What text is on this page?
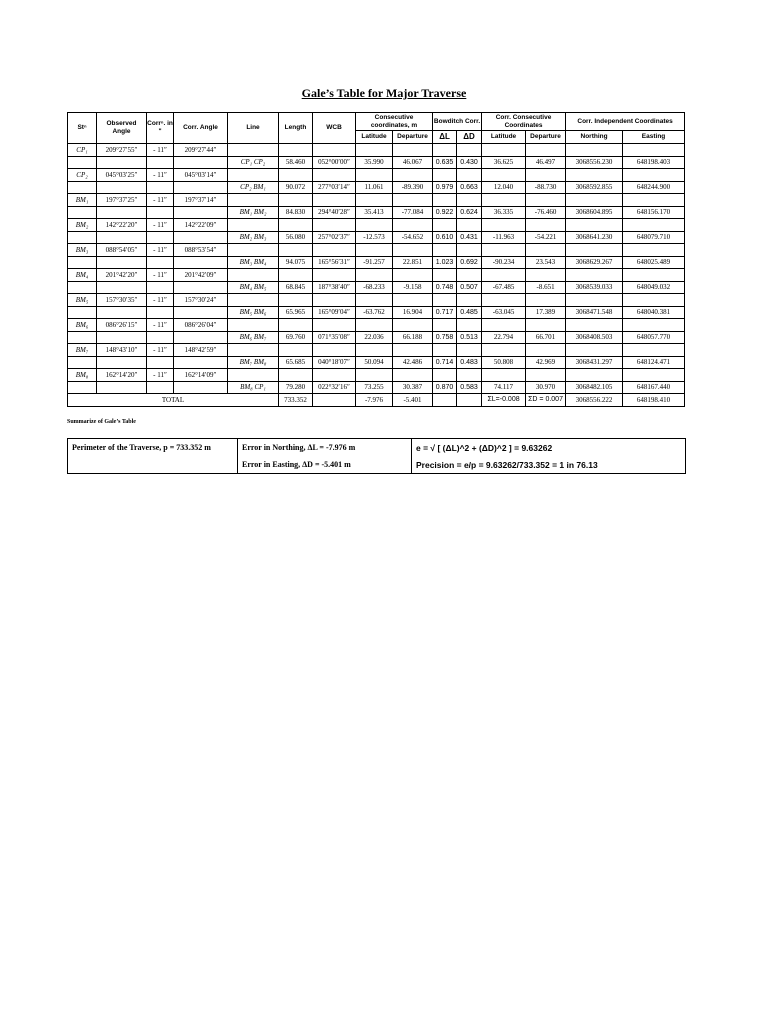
Gale’s Table for Major Traverse
Stⁿ	Observed Angle	Corrⁿ. in "	Corr. Angle	Line	Length	WCB	Consecutive coordinates, m		Bowditch Corr.		Corr. Consecutive Coordinates		Corr. Independent Coordinates	
							Latitude	Departure	ΔL	ΔD	Latitude	Departure	Northing	Easting
CP₁	209°27′55″	- 11″	209°27′44″											
				CP₁ CP₂	58.460	052°00′00″	35.990	46.067	0.635	0.430	36.625	46.497	3068556.230	648198.403
CP₂	045°03′25″	- 11″	045°03′14″											
				CP₂ BM₁	90.072	277°03′14″	11.061	-89.390	0.979	0.663	12.040	-88.730	3068592.855	648244.900
BM₁	197°37′25″	- 11″	197°37′14″											
				BM₁ BM₂	84.830	294°40′28″	35.413	-77.084	0.922	0.624	36.335	-76.460	3068604.895	648156.170
BM₂	142°22′20″	- 11″	142°22′09″											
				BM₂ BM₃	56.080	257°02′37″	-12.573	-54.652	0.610	0.431	-11.963	-54.221	3068641.230	648079.710
BM₃	088°54′05″	- 11″	088°53′54″											
				BM₃ BM₄	94.075	165°56′31″	-91.257	22.851	1.023	0.692	-90.234	23.543	3068629.267	648025.489
BM₄	201°42′20″	- 11″	201°42′09″											
				BM₄ BM₅	68.845	187°38′40″	-68.233	-9.158	0.748	0.507	-67.485	-8.651	3068539.033	648049.032
BM₅	157°30′35″	- 11″	157°30′24″											
				BM₅ BM₆	65.965	165°09′04″	-63.762	16.904	0.717	0.485	-63.045	17.389	3068471.548	648040.381
BM₆	086°26′15″	- 11″	086°26′04″											
				BM₆ BM₇	69.760	071°35′08″	22.036	66.188	0.758	0.513	22.794	66.701	3068408.503	648057.770
BM₇	148°43′10″	- 11″	148°42′59″											
				BM₇ BM₈	65.685	040°18′07″	50.094	42.486	0.714	0.483	50.808	42.969	3068431.297	648124.471
BM₈	162°14′20″	- 11″	162°14′09″											
				BM₈ CP₁	79.280	022°32′16″	73.255	30.387	0.870	0.583	74.117	30.970	3068482.105	648167.440
TOTAL					733.352		-7.976	-5.401			ΣL=-0.008	ΣD = 0.007	3068556.222	648198.410
Summarize of Gale’s Table
Perimeter of the Traverse, p = 733.352 m	Error in Northing, ΔL = -7.976 m	e = √ [ (ΔL)^2 + (ΔD)^2 ] = 9.63262
	Error in Easting, ΔD = -5.401 m	Precision = e/p = 9.63262/733.352 = 1 in 76.13
